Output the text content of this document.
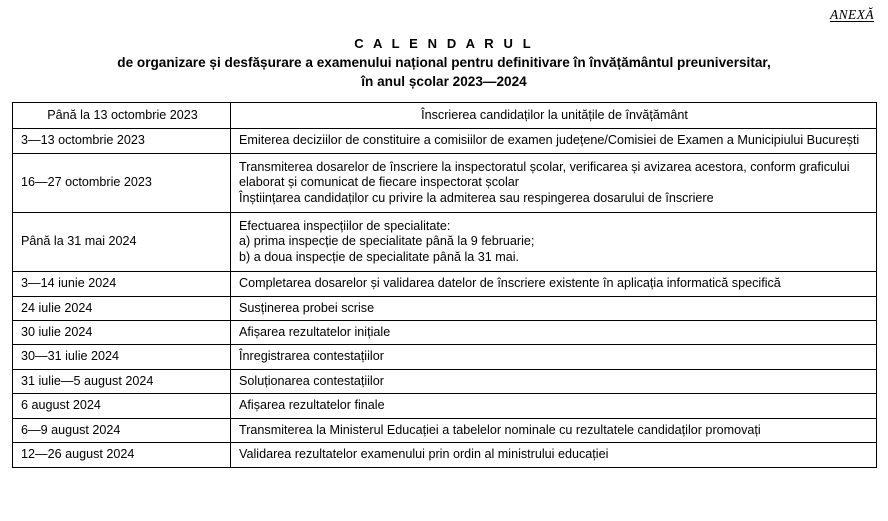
ANEXĂ
C A L E N D A R U L
de organizare și desfășurare a examenului național pentru definitivare în învățământul preuniversitar,
în anul școlar 2023—2024
Până la 13 octombrie 2023	Înscrierea candidaților la unitățile de învățământ
3—13 octombrie 2023	Emiterea deciziilor de constituire a comisiilor de examen județene/Comisiei de Examen a Municipiului București
16—27 octombrie 2023	Transmiterea dosarelor de înscriere la inspectoratul școlar, verificarea și avizarea acestora, conform graficului elaborat și comunicat de fiecare inspectorat școlar
Înștiințarea candidaților cu privire la admiterea sau respingerea dosarului de înscriere

Până la 31 mai 2024	Efectuarea inspecțiilor de specialitate:
a) prima inspecție de specialitate până la 9 februarie;
b) a doua inspecție de specialitate până la 31 mai.

3—14 iunie 2024	Completarea dosarelor și validarea datelor de înscriere existente în aplicația informatică specifică
24 iulie 2024	Susținerea probei scrise
30 iulie 2024	Afișarea rezultatelor inițiale
30—31 iulie 2024	Înregistrarea contestațiilor
31 iulie—5 august 2024	Soluționarea contestațiilor
6 august 2024	Afișarea rezultatelor finale
6—9 august 2024	Transmiterea la Ministerul Educației a tabelelor nominale cu rezultatele candidaților promovați
12—26 august 2024	Validarea rezultatelor examenului prin ordin al ministrului educației
